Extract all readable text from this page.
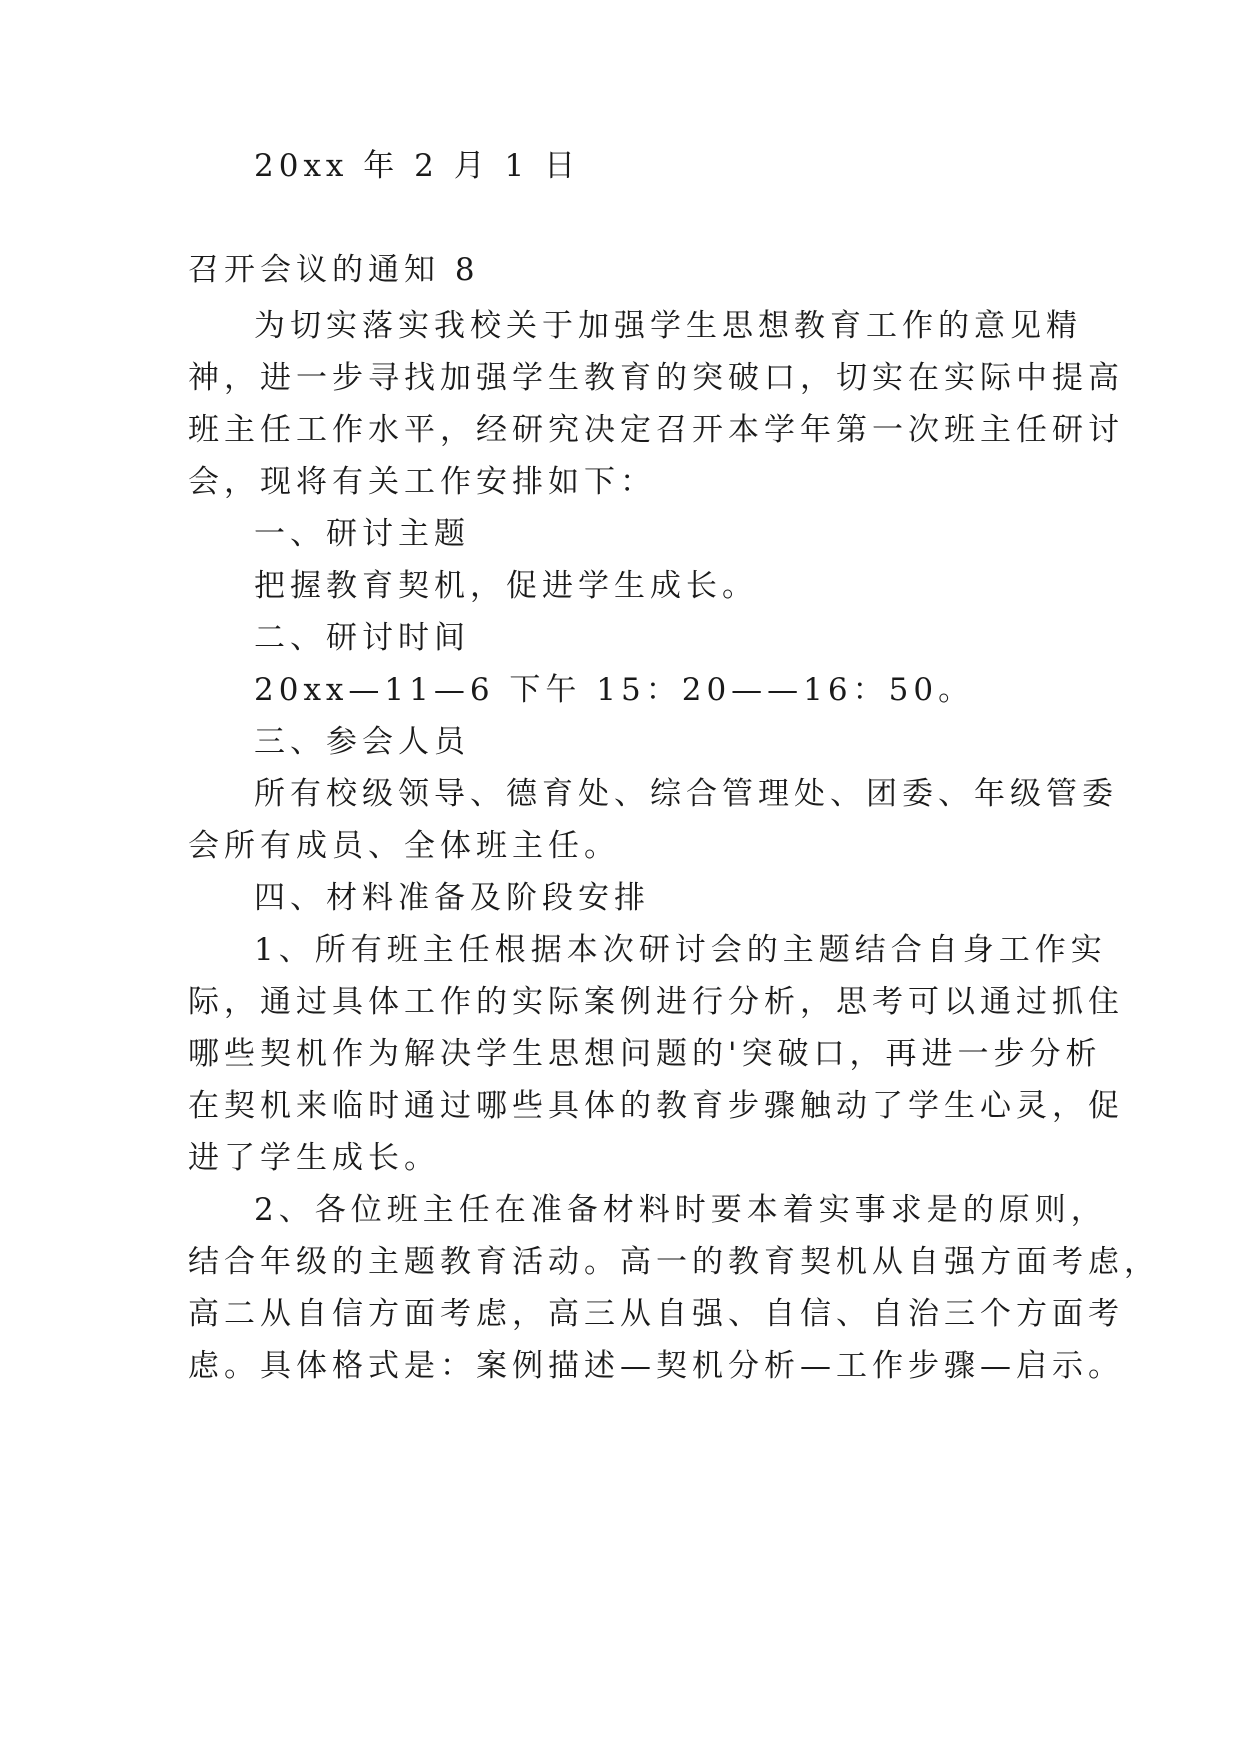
20xx 年 2 月 1 日
召开会议的通知 8
为切实落实我校关于加强学生思想教育工作的意见精
神，进一步寻找加强学生教育的突破口，切实在实际中提高
班主任工作水平，经研究决定召开本学年第一次班主任研讨
会，现将有关工作安排如下：
一、研讨主题
把握教育契机，促进学生成长。
二、研讨时间
20xx—11—6 下午 15：20——16：50。
三、参会人员
所有校级领导、德育处、综合管理处、团委、年级管委
会所有成员、全体班主任。
四、材料准备及阶段安排
1、所有班主任根据本次研讨会的主题结合自身工作实
际，通过具体工作的实际案例进行分析，思考可以通过抓住
哪些契机作为解决学生思想问题的'突破口，再进一步分析
在契机来临时通过哪些具体的教育步骤触动了学生心灵，促
进了学生成长。
2、各位班主任在准备材料时要本着实事求是的原则，
结合年级的主题教育活动。高一的教育契机从自强方面考虑，
高二从自信方面考虑，高三从自强、自信、自治三个方面考
虑。具体格式是：案例描述—契机分析—工作步骤—启示。
